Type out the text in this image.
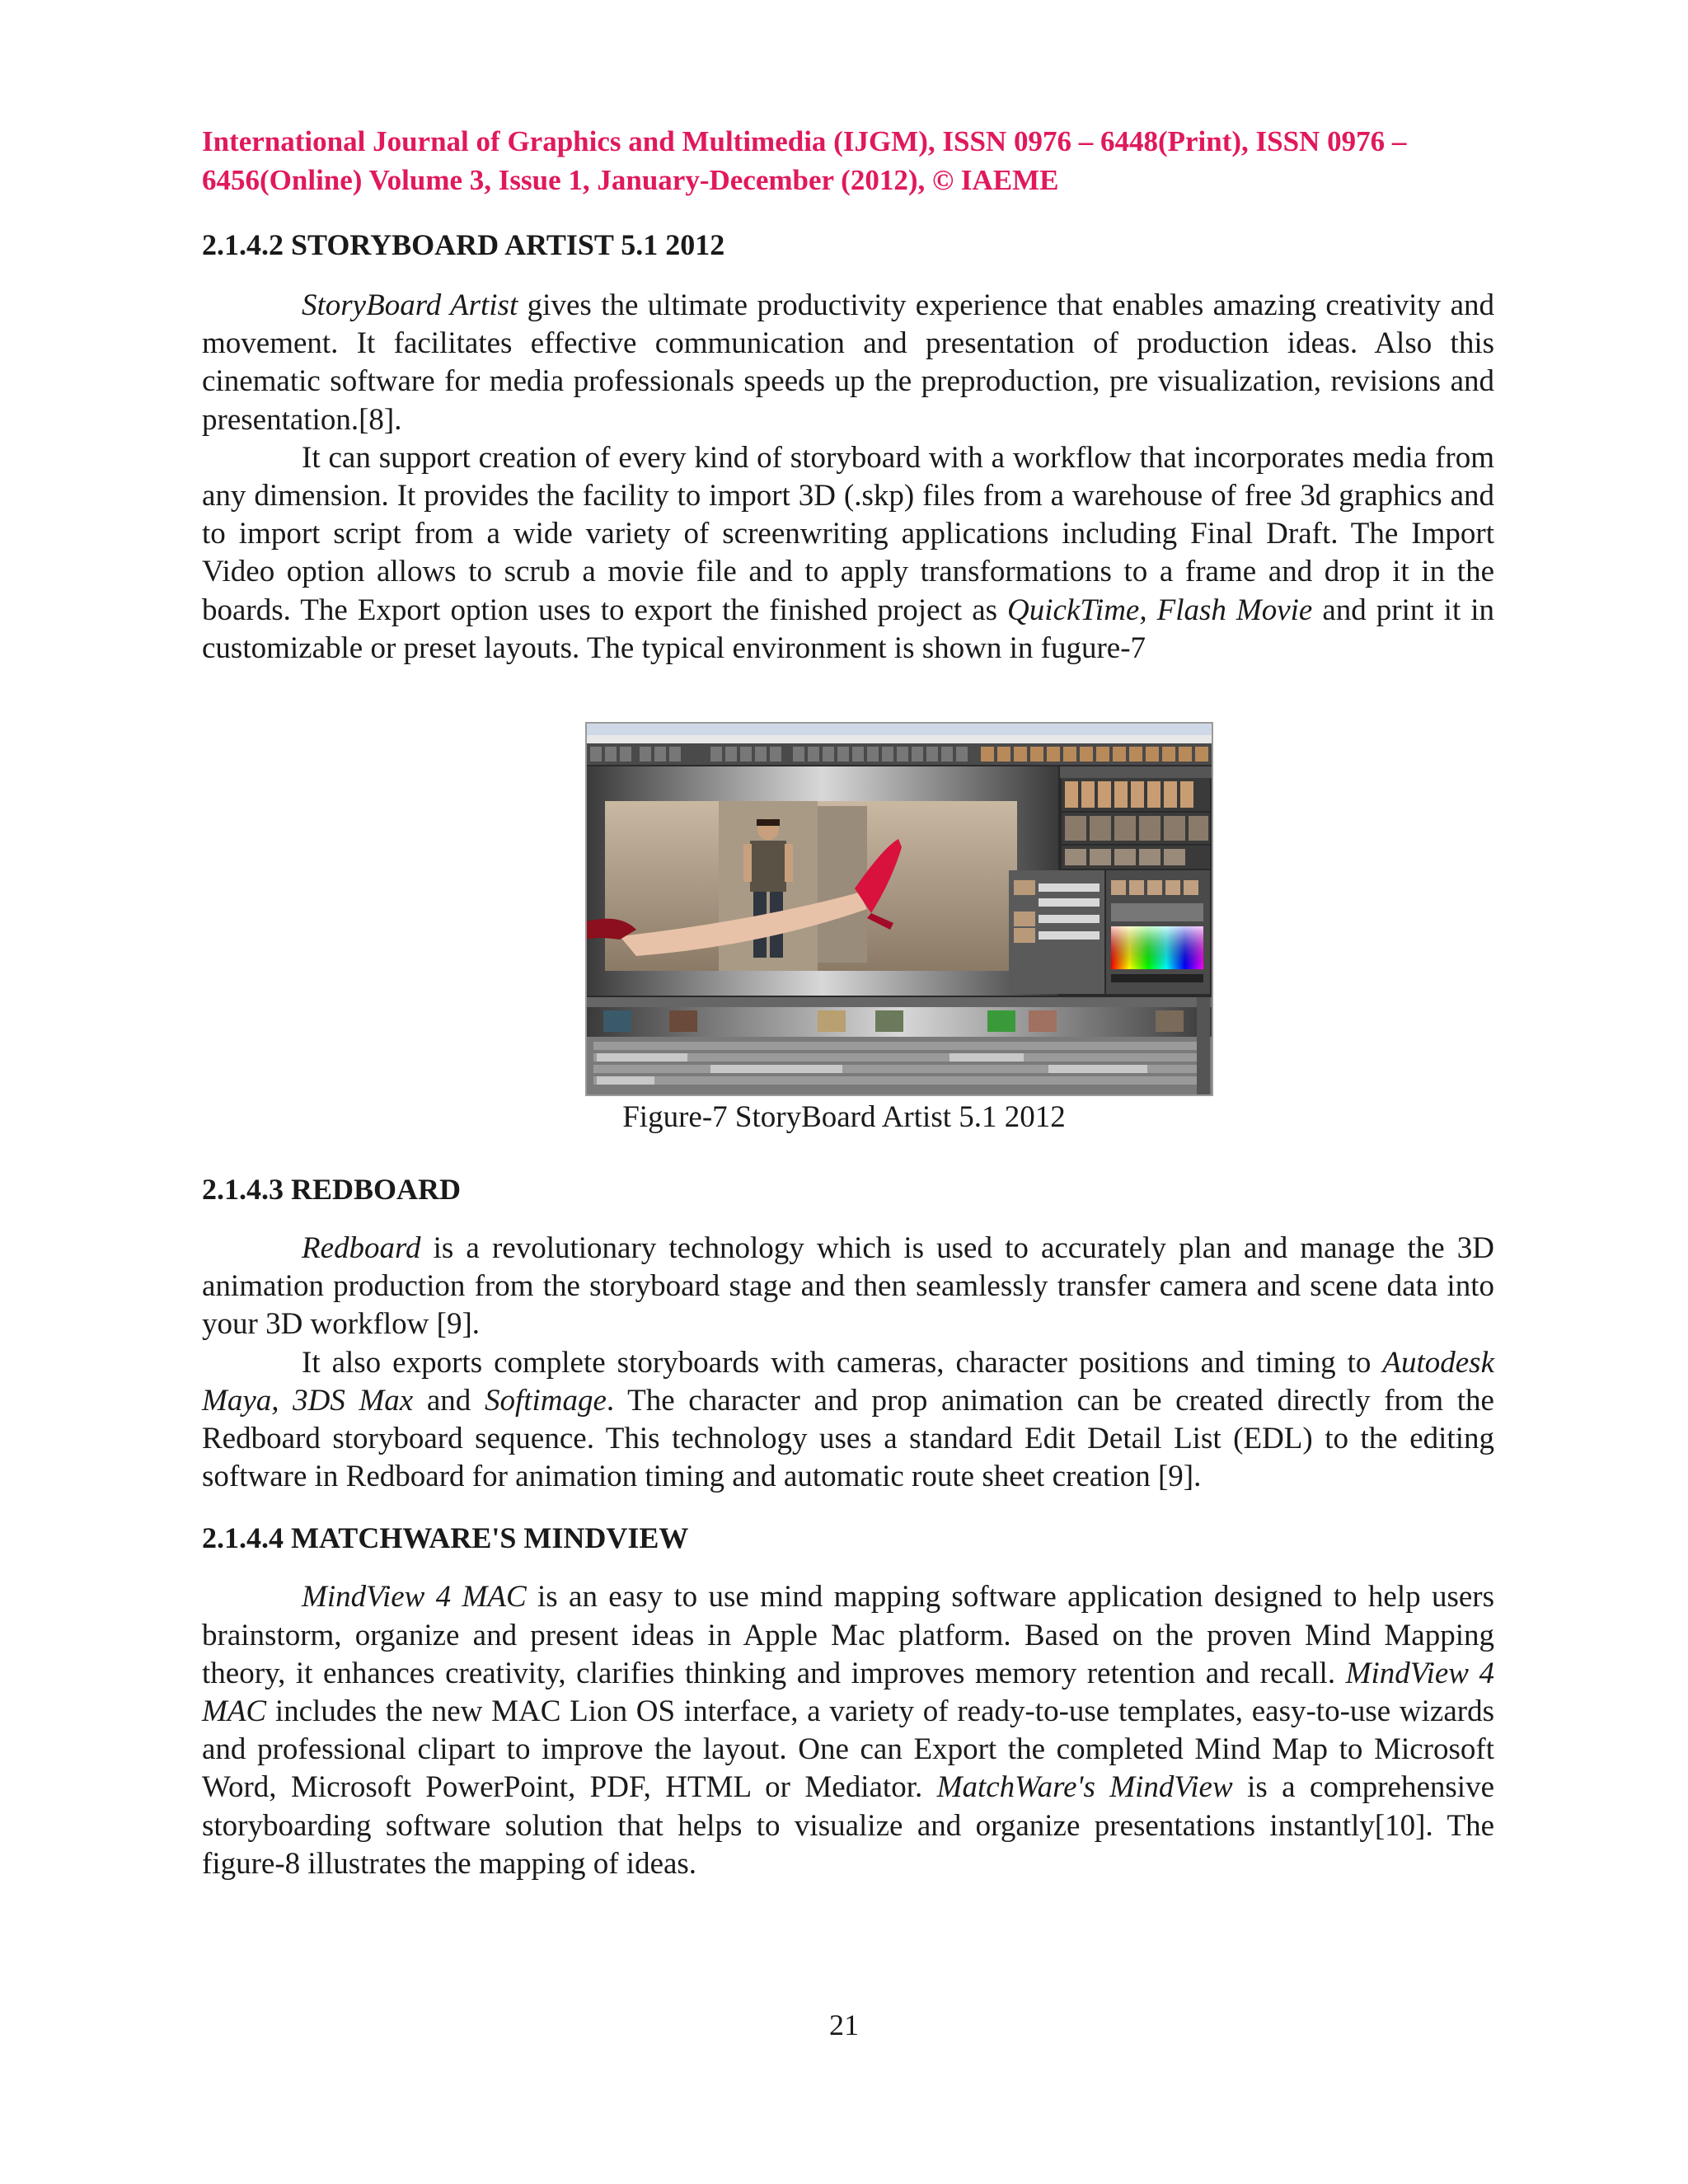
International Journal of Graphics and Multimedia (IJGM), ISSN 0976 – 6448(Print), ISSN 0976 –
6456(Online) Volume 3, Issue 1, January-December (2012), © IAEME

2.1.4.2 STORYBOARD ARTIST 5.1 2012

StoryBoard Artist gives the ultimate productivity experience that enables amazing creativity and movement. It facilitates effective communication and presentation of production ideas. Also this cinematic software for media professionals speeds up the preproduction, pre visualization, revisions and presentation.[8].

It can support creation of every kind of storyboard with a workflow that incorporates media from any dimension. It provides the facility to import 3D (.skp) files from a warehouse of free 3d graphics and to import script from a wide variety of screenwriting applications including Final Draft. The Import Video option allows to scrub a movie file and to apply transformations to a frame and drop it in the boards. The Export option uses to export the finished project as QuickTime, Flash Movie and print it in customizable or preset layouts. The typical environment is shown in fugure-7

Figure-7 StoryBoard Artist 5.1 2012
2.1.4.3 REDBOARD

Redboard is a revolutionary technology which is used to accurately plan and manage the 3D animation production from the storyboard stage and then seamlessly transfer camera and scene data into your 3D workflow [9].

It also exports complete storyboards with cameras, character positions and timing to Autodesk Maya, 3DS Max and Softimage. The character and prop animation can be created directly from the Redboard storyboard sequence. This technology uses a standard Edit Detail List (EDL) to the editing software in Redboard for animation timing and automatic route sheet creation [9].

2.1.4.4 MATCHWARE'S MINDVIEW

MindView 4 MAC is an easy to use mind mapping software application designed to help users brainstorm, organize and present ideas in Apple Mac platform. Based on the proven Mind Mapping theory, it enhances creativity, clarifies thinking and improves memory retention and recall. MindView 4 MAC includes the new MAC Lion OS interface, a variety of ready-to-use templates, easy-to-use wizards and professional clipart to improve the layout. One can Export the completed Mind Map to Microsoft Word, Microsoft PowerPoint, PDF, HTML or Mediator. MatchWare's MindView is a comprehensive storyboarding software solution that helps to visualize and organize presentations instantly[10]. The figure-8 illustrates the mapping of ideas.

21
